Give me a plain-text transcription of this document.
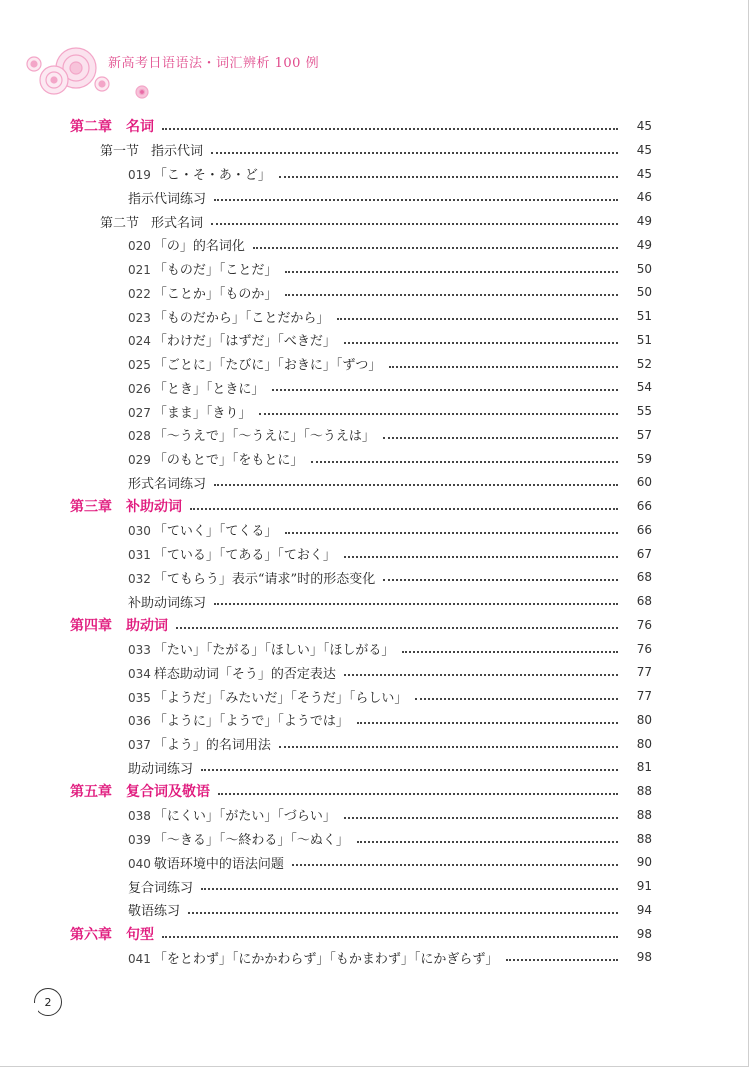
新高考日语语法・词汇辨析 100 例
第二章 名词	45
第一节 指示代词	45
019 「こ・そ・あ・ど」	45
指示代词练习	46
第二节 形式名词	49
020 「の」的名词化	49
021 「ものだ」「ことだ」	50
022 「ことか」「ものか」	50
023 「ものだから」「ことだから」	51
024 「わけだ」「はずだ」「べきだ」	51
025 「ごとに」「たびに」「おきに」「ずつ」	52
026 「とき」「ときに」	54
027 「まま」「きり」	55
028 「～うえで」「～うえに」「～うえは」	57
029 「のもとで」「をもとに」	59
形式名词练习	60
第三章 补助动词	66
030 「ていく」「てくる」	66
031 「ている」「てある」「ておく」	67
032 「てもらう」表示“请求”时的形态变化	68
补助动词练习	68
第四章 助动词	76
033 「たい」「たがる」「ほしい」「ほしがる」	76
034 样态助动词「そう」的否定表达	77
035 「ようだ」「みたいだ」「そうだ」「らしい」	77
036 「ように」「ようで」「ようでは」	80
037 「よう」的名词用法	80
助动词练习	81
第五章 复合词及敬语	88
038 「にくい」「がたい」「づらい」	88
039 「～きる」「～終わる」「～ぬく」	88
040 敬语环境中的语法问题	90
复合词练习	91
敬语练习	94
第六章 句型	98
041 「をとわず」「にかかわらず」「もかまわず」「にかぎらず」	98
2
